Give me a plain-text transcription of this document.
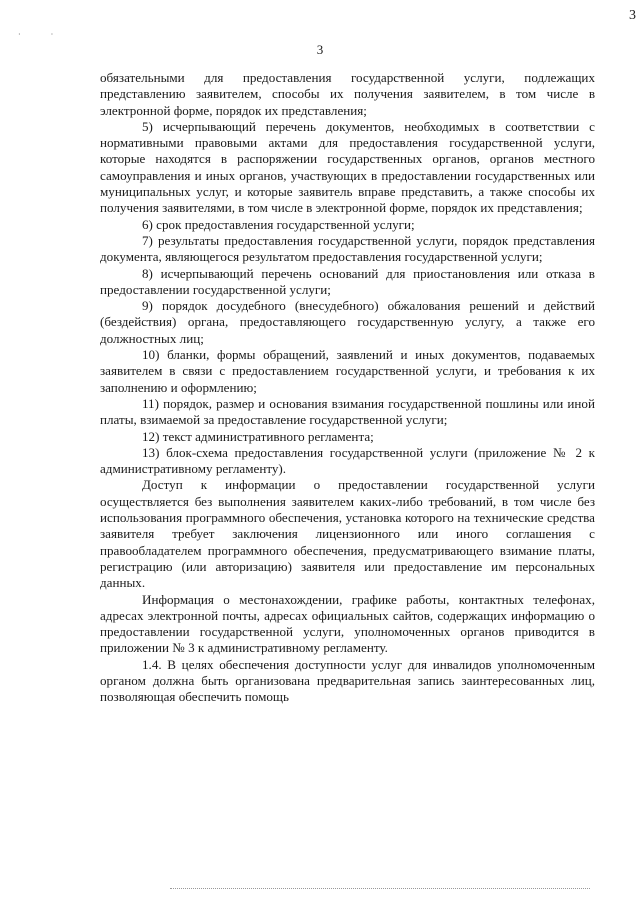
3
· ·
3

обязательными для предоставления государственной услуги, подлежащих представлению заявителем, способы их получения заявителем, в том числе в электронной форме, порядок их представления;

5) исчерпывающий перечень документов, необходимых в соответствии с нормативными правовыми актами для предоставления государственной услуги, которые находятся в распоряжении государственных органов, органов местного самоуправления и иных органов, участвующих в предоставлении государственных или муниципальных услуг, и которые заявитель вправе представить, а также способы их получения заявителями, в том числе в электронной форме, порядок их представления;

6) срок предоставления государственной услуги;

7) результаты предоставления государственной услуги, порядок представления документа, являющегося результатом предоставления государственной услуги;

8) исчерпывающий перечень оснований для приостановления или отказа в предоставлении государственной услуги;

9) порядок досудебного (внесудебного) обжалования решений и действий (бездействия) органа, предоставляющего государственную услугу, а также его должностных лиц;

10) бланки, формы обращений, заявлений и иных документов, подаваемых заявителем в связи с предоставлением государственной услуги, и требования к их заполнению и оформлению;

11) порядок, размер и основания взимания государственной пошлины или иной платы, взимаемой за предоставление государственной услуги;

12) текст административного регламента;

13) блок-схема предоставления государственной услуги (приложение № 2 к административному регламенту).

Доступ к информации о предоставлении государственной услуги осуществляется без выполнения заявителем каких-либо требований, в том числе без использования программного обеспечения, установка которого на технические средства заявителя требует заключения лицензионного или иного соглашения с правообладателем программного обеспечения, предусматривающего взимание платы, регистрацию (или авторизацию) заявителя или предоставление им персональных данных.

Информация о местонахождении, графике работы, контактных телефонах, адресах электронной почты, адресах официальных сайтов, содержащих информацию о предоставлении государственной услуги, уполномоченных органов приводится в приложении № 3 к административному регламенту.

1.4. В целях обеспечения доступности услуг для инвалидов уполномоченным органом должна быть организована предварительная запись заинтересованных лиц, позволяющая обеспечить помощь
